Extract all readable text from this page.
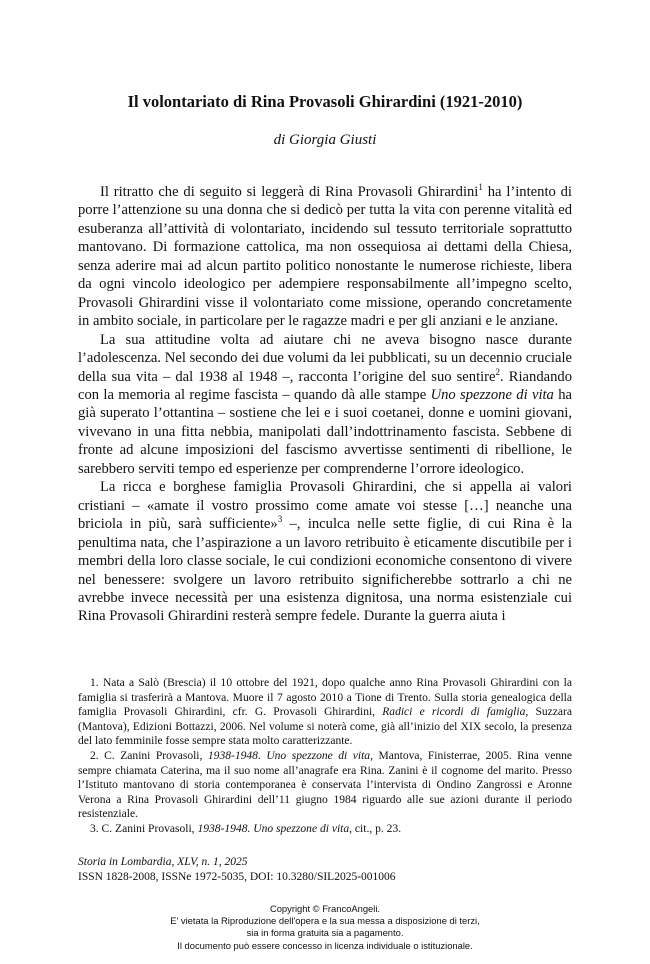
Il volontariato di Rina Provasoli Ghirardini (1921-2010)
di Giorgia Giusti

Il ritratto che di seguito si leggerà di Rina Provasoli Ghirardini$^1$ ha l’intento di porre l’attenzione su una donna che si dedicò per tutta la vita con perenne vitalità ed esuberanza all’attività di volontariato, incidendo sul tessuto territoriale soprattutto mantovano. Di formazione cattolica, ma non ossequiosa ai dettami della Chiesa, senza aderire mai ad alcun partito politico nonostante le numerose richieste, libera da ogni vincolo ideologico per adempiere responsabilmente all’impegno scelto, Provasoli Ghirardini visse il volontariato come missione, operando concretamente in ambito sociale, in particolare per le ragazze madri e per gli anziani e le anziane.

La sua attitudine volta ad aiutare chi ne aveva bisogno nasce durante l’adolescenza. Nel secondo dei due volumi da lei pubblicati, su un decennio cruciale della sua vita – dal 1938 al 1948 –, racconta l’origine del suo sentire$^2$. Riandando con la memoria al regime fascista – quando dà alle stampe Uno spezzone di vita ha già superato l’ottantina – sostiene che lei e i suoi coetanei, donne e uomini giovani, vivevano in una fitta nebbia, manipolati dall’indottrinamento fascista. Sebbene di fronte ad alcune imposizioni del fascismo avvertisse sentimenti di ribellione, le sarebbero serviti tempo ed esperienze per comprenderne l’orrore ideologico.

La ricca e borghese famiglia Provasoli Ghirardini, che si appella ai valori cristiani – «amate il vostro prossimo come amate voi stesse […] neanche una briciola in più, sarà sufficiente»$^3$ –, inculca nelle sette figlie, di cui Rina è la penultima nata, che l’aspirazione a un lavoro retribuito è eticamente discutibile per i membri della loro classe sociale, le cui condizioni economiche consentono di vivere nel benessere: svolgere un lavoro retribuito significherebbe sottrarlo a chi ne avrebbe invece necessità per una esistenza dignitosa, una norma esistenziale cui Rina Provasoli Ghirardini resterà sempre fedele. Durante la guerra aiuta i

1. Nata a Salò (Brescia) il 10 ottobre del 1921, dopo qualche anno Rina Provasoli Ghirardini con la famiglia si trasferirà a Mantova. Muore il 7 agosto 2010 a Tione di Trento. Sulla storia genealogica della famiglia Provasoli Ghirardini, cfr. G. Provasoli Ghirardini, Radici e ricordi di famiglia, Suzzara (Mantova), Edizioni Bottazzi, 2006. Nel volume si noterà come, già all’inizio del XIX secolo, la presenza del lato femminile fosse sempre stata molto caratterizzante.

2. C. Zanini Provasoli, 1938-1948. Uno spezzone di vita, Mantova, Finisterrae, 2005. Rina venne sempre chiamata Caterina, ma il suo nome all’anagrafe era Rina. Zanini è il cognome del marito. Presso l’Istituto mantovano di storia contemporanea è conservata l’intervista di Ondino Zangrossi e Aronne Verona a Rina Provasoli Ghirardini dell’11 giugno 1984 riguardo alle sue azioni durante il periodo resistenziale.

3. C. Zanini Provasoli, 1938-1948. Uno spezzone di vita, cit., p. 23.

Storia in Lombardia, XLV, n. 1, 2025
ISSN 1828-2008, ISSNe 1972-5035, DOI: 10.3280/SIL2025-001006
Copyright © FrancoAngeli.
E' vietata la Riproduzione dell'opera e la sua messa a disposizione di terzi,
sia in forma gratuita sia a pagamento.
Il documento può essere concesso in licenza individuale o istituzionale.
